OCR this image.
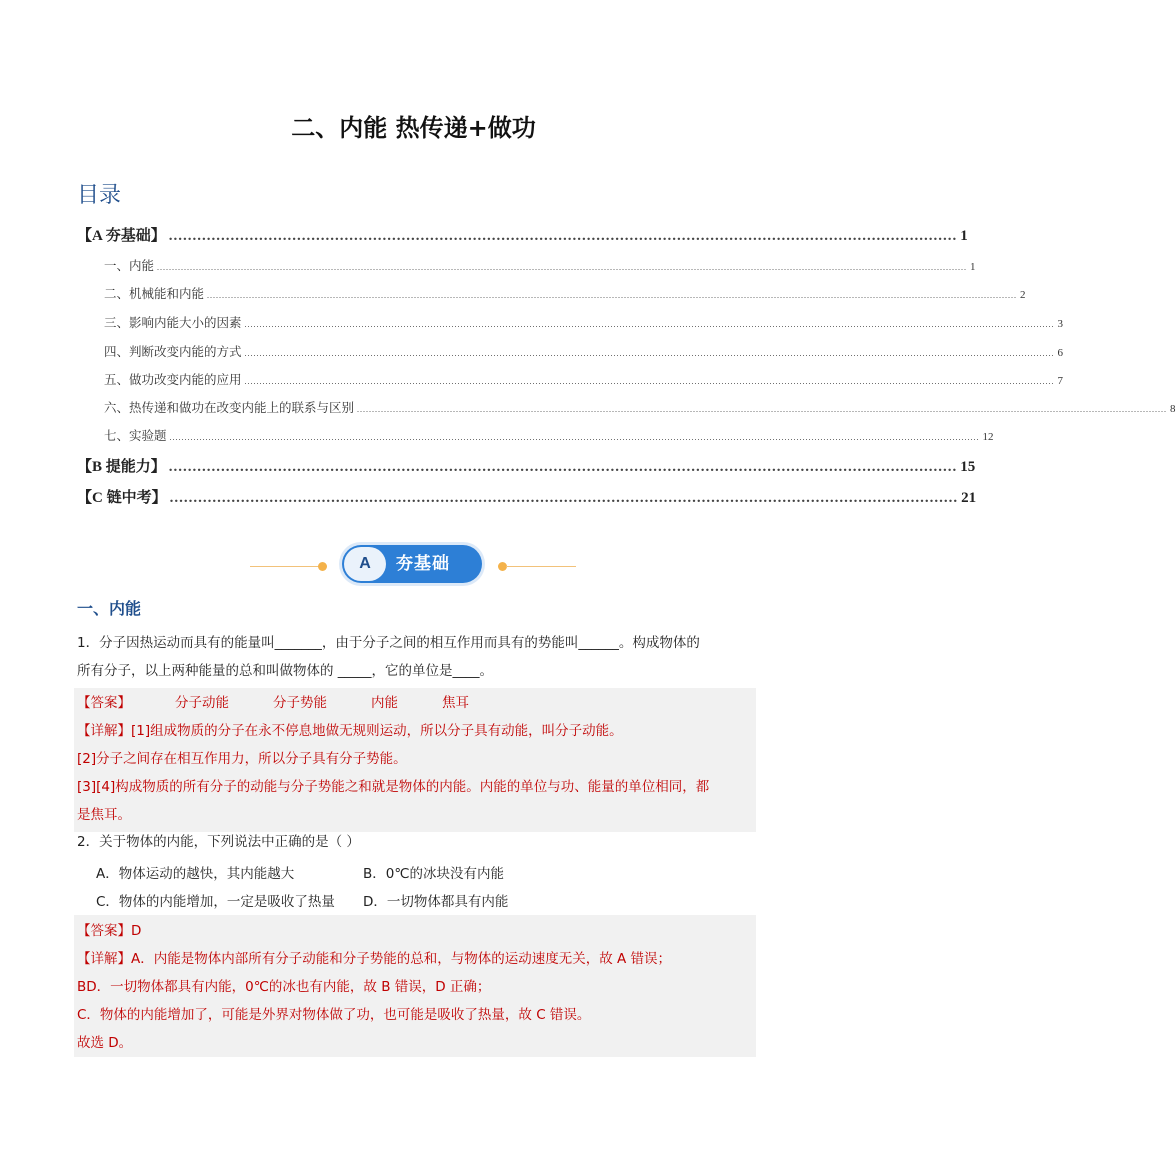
二、内能 热传递+做功
目录
【A 夯基础】 ...................................................................................................................................................................... 1
一、内能 .............................................................................................................................................................................................................................................................................. 1
二、机械能和内能 .............................................................................................................................................................................................................................................................................. 2
三、影响内能大小的因素 .............................................................................................................................................................................................................................................................................. 3
四、判断改变内能的方式 .............................................................................................................................................................................................................................................................................. 6
五、做功改变内能的应用 .............................................................................................................................................................................................................................................................................. 7
六、热传递和做功在改变内能上的联系与区别 .............................................................................................................................................................................................................................................................................. 8
七、实验题 .............................................................................................................................................................................................................................................................................. 12
【B 提能力】 ...................................................................................................................................................................... 15
【C 链中考】 ...................................................................................................................................................................... 21
A	夯基础
一、内能
1．分子因热运动而具有的能量叫_______，由于分子之间的相互作用而具有的势能叫______。构成物体的
所有分子，以上两种能量的总和叫做物体的 _____，它的单位是____。
【答案】	分子动能	分子势能	内能	焦耳
【详解】[1]组成物质的分子在永不停息地做无规则运动，所以分子具有动能，叫分子动能。
[2]分子之间存在相互作用力，所以分子具有分子势能。
[3][4]构成物质的所有分子的动能与分子势能之和就是物体的内能。内能的单位与功、能量的单位相同，都
是焦耳。
2．关于物体的内能，下列说法中正确的是（ ）
A．物体运动的越快，其内能越大	B．0℃的冰块没有内能
C．物体的内能增加，一定是吸收了热量 D．一切物体都具有内能
【答案】D
【详解】A．内能是物体内部所有分子动能和分子势能的总和，与物体的运动速度无关，故 A 错误；
BD．一切物体都具有内能，0℃的冰也有内能，故 B 错误，D 正确；
C．物体的内能增加了，可能是外界对物体做了功，也可能是吸收了热量，故 C 错误。
故选 D。
